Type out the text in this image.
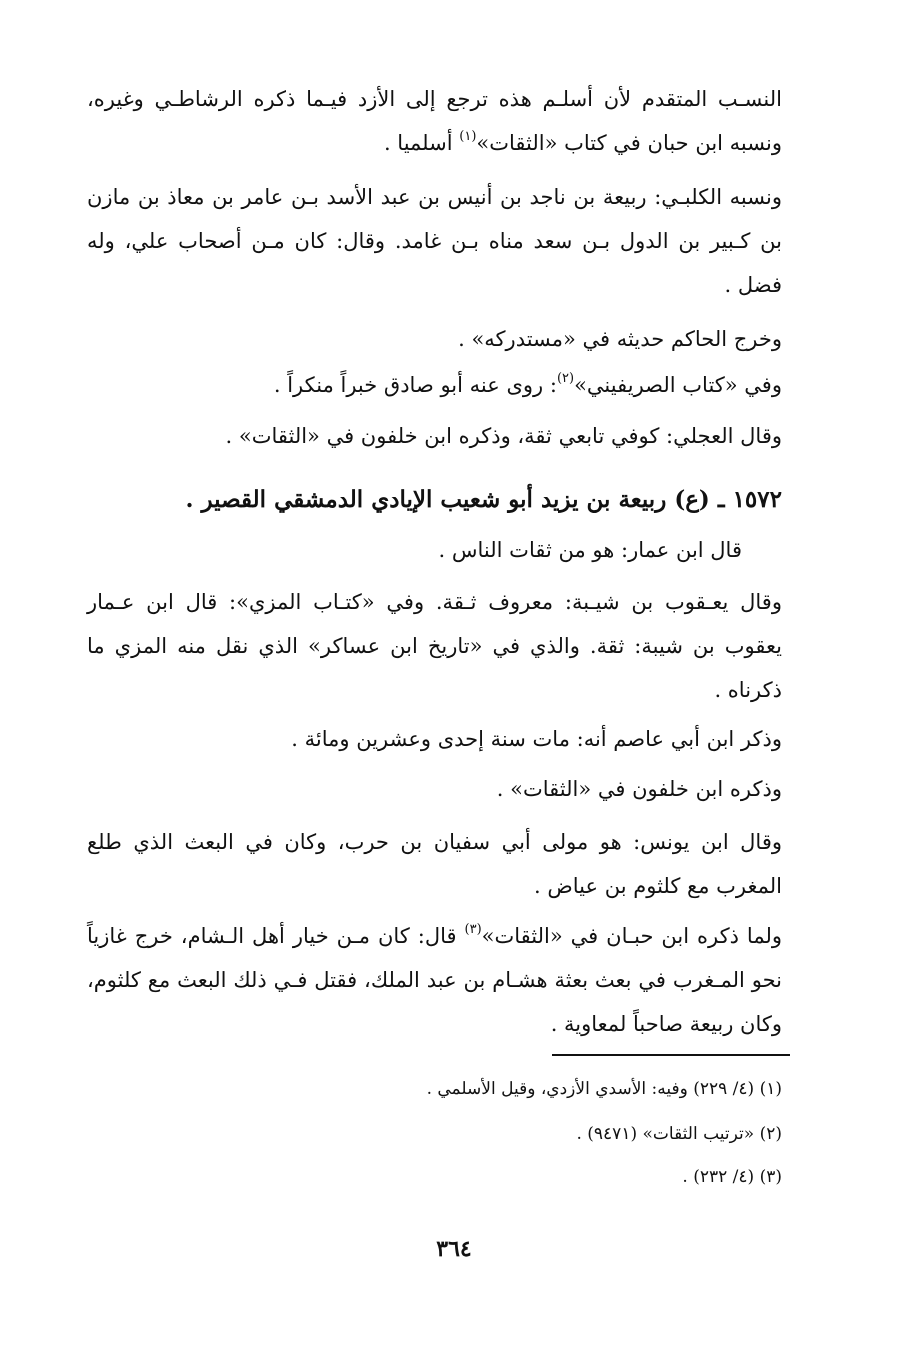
النسـب المتقدم لأن أسلـم هذه ترجع إلى الأزد فيـما ذكره الرشاطـي وغيره، ونسبه ابن حبان في كتاب «الثقات»$^{(١)}$ أسلميا .
ونسبه الكلبـي: ربيعة بن ناجد بن أنيس بن عبد الأسد بـن عامر بن معاذ بن مازن بن كـبير بن الدول بـن سعد مناه بـن غامد. وقال: كان مـن أصحاب علي، وله فضل .
وخرج الحاكم حديثه في «مستدركه» .
وفي «كتاب الصريفيني»$^{(٢)}$: روى عنه أبو صادق خبراً منكراً .
وقال العجلي: كوفي تابعي ثقة، وذكره ابن خلفون في «الثقات» .
١٥٧٢ ـ (ع) ربيعة بن يزيد أبو شعيب الإيادي الدمشقي القصير .
قال ابن عمار: هو من ثقات الناس .
وقال يعـقوب بن شيـبة: معروف ثـقة. وفي «كتـاب المزي»: قال ابن عـمار يعقوب بن شيبة: ثقة. والذي في «تاريخ ابن عساكر» الذي نقل منه المزي ما ذكرناه .
وذكر ابن أبي عاصم أنه: مات سنة إحدى وعشرين ومائة .
وذكره ابن خلفون في «الثقات» .
وقال ابن يونس: هو مولى أبي سفيان بن حرب، وكان في البعث الذي طلع المغرب مع كلثوم بن عياض .
ولما ذكره ابن حبـان في «الثقات»$^{(٣)}$ قال: كان مـن خيار أهل الـشام، خرج غازياً نحو المـغرب في بعث بعثة هشـام بن عبد الملك، فقتل فـي ذلك البعث مع كلثوم، وكان ربيعة صاحباً لمعاوية .
(١) (٤/ ٢٢٩) وفيه: الأسدي الأزدي، وقيل الأسلمي .
(٢) «ترتيب الثقات» (٩٤٧١) .
(٣) (٤/ ٢٣٢) .
٣٦٤
